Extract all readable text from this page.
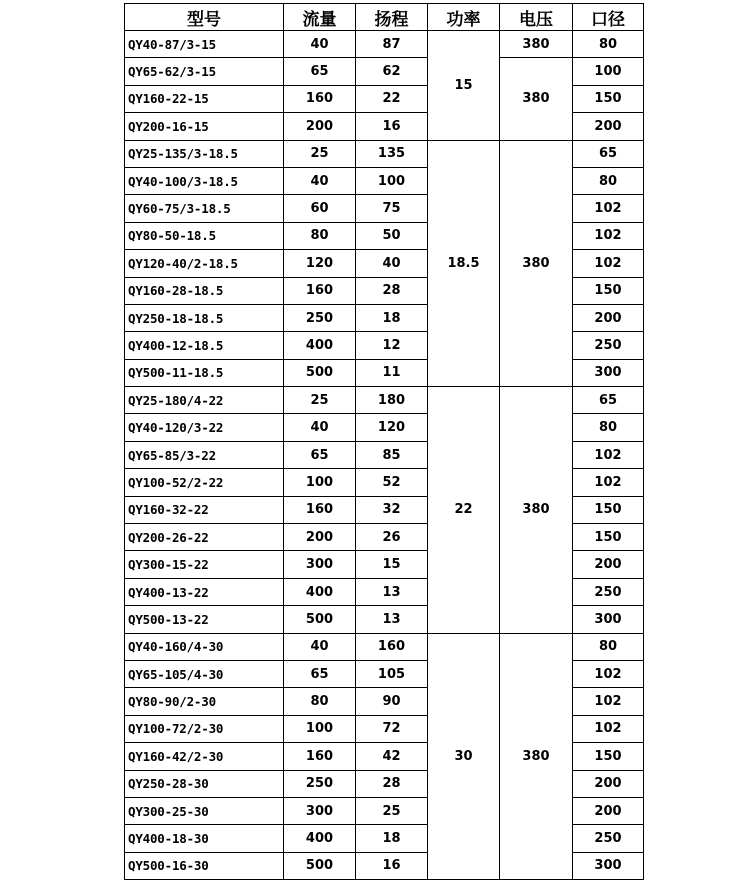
型号	流量	扬程	功率	电压	口径
QY40-87/3-15	40	87	15	380	80
QY65-62/3-15	65	62		380	100
QY160-22-15	160	22			150
QY200-16-15	200	16			200
QY25-135/3-18.5	25	135	18.5	380	65
QY40-100/3-18.5	40	100			80
QY60-75/3-18.5	60	75			102
QY80-50-18.5	80	50			102
QY120-40/2-18.5	120	40			102
QY160-28-18.5	160	28			150
QY250-18-18.5	250	18			200
QY400-12-18.5	400	12			250
QY500-11-18.5	500	11			300
QY25-180/4-22	25	180	22	380	65
QY40-120/3-22	40	120			80
QY65-85/3-22	65	85			102
QY100-52/2-22	100	52			102
QY160-32-22	160	32			150
QY200-26-22	200	26			150
QY300-15-22	300	15			200
QY400-13-22	400	13			250
QY500-13-22	500	13			300
QY40-160/4-30	40	160	30	380	80
QY65-105/4-30	65	105			102
QY80-90/2-30	80	90			102
QY100-72/2-30	100	72			102
QY160-42/2-30	160	42			150
QY250-28-30	250	28			200
QY300-25-30	300	25			200
QY400-18-30	400	18			250
QY500-16-30	500	16			300
